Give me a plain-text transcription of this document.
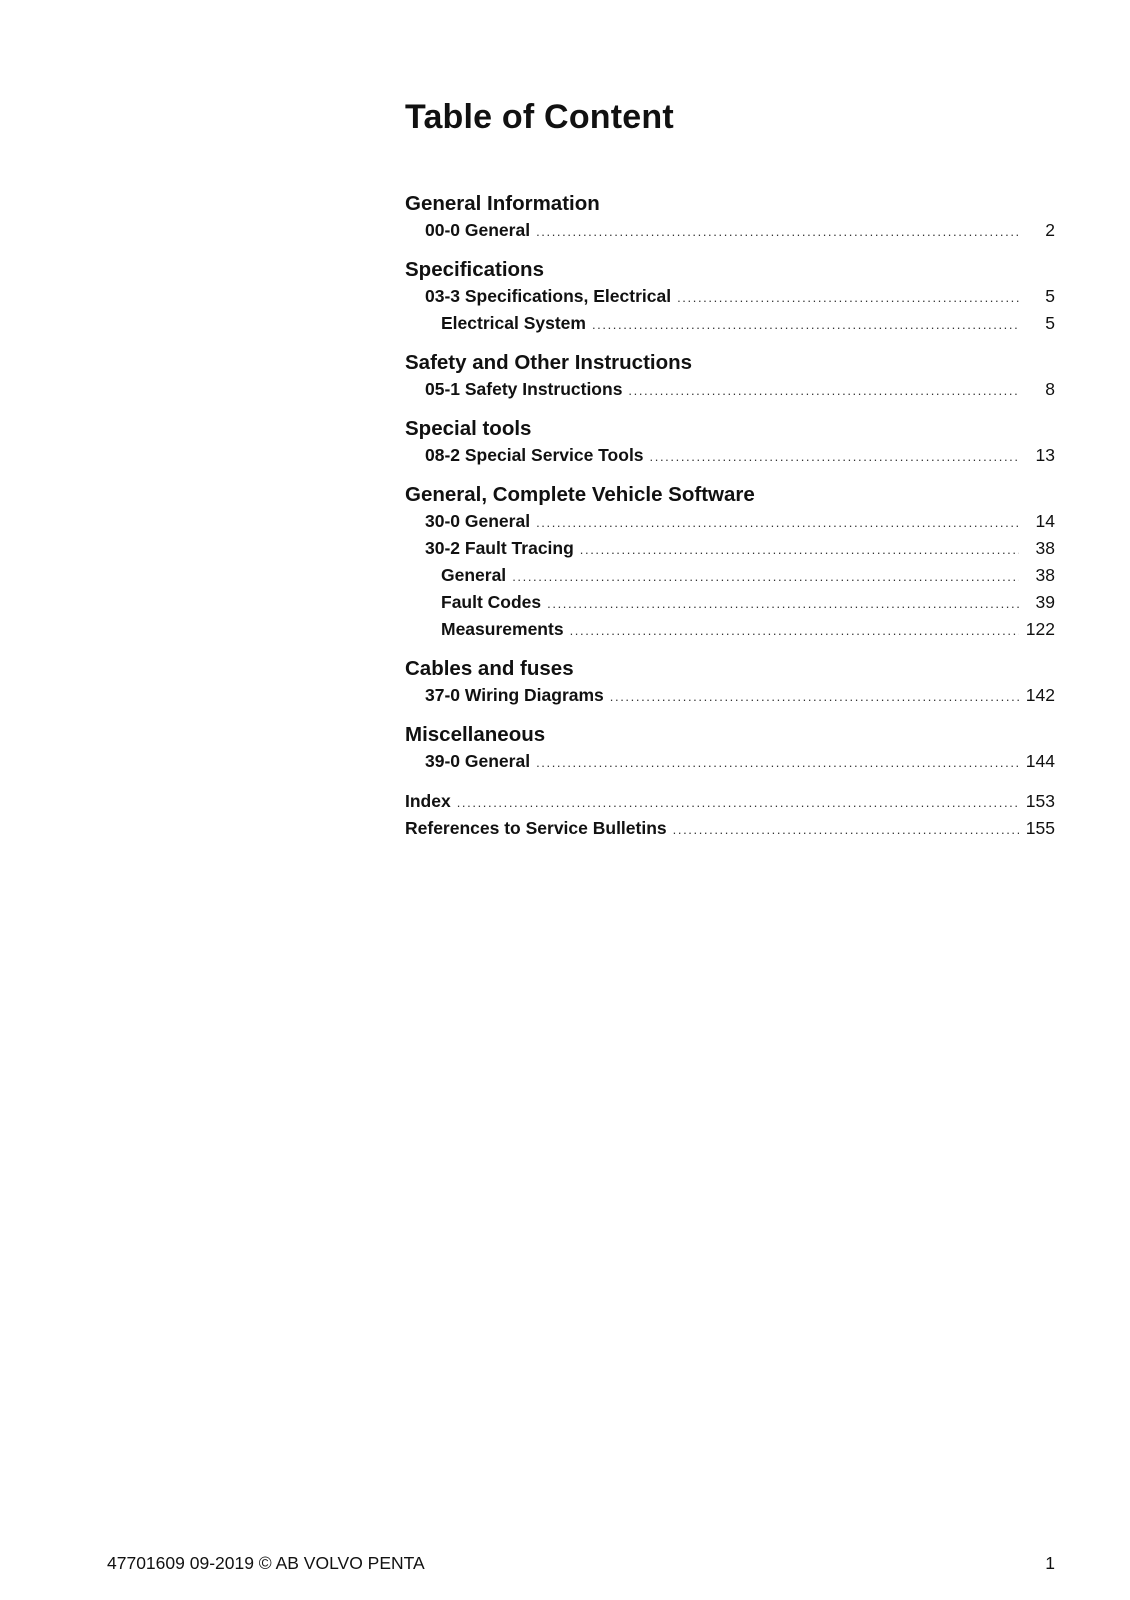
Table of Content
General Information
00-0 General .....	2
Specifications
03-3 Specifications, Electrical .....	5
Electrical System .....	5
Safety and Other Instructions
05-1 Safety Instructions .....	8
Special tools
08-2 Special Service Tools .....	13
General, Complete Vehicle Software
30-0 General .....	14
30-2 Fault Tracing .....	38
General .....	38
Fault Codes .....	39
Measurements .....	122
Cables and fuses
37-0 Wiring Diagrams .....	142
Miscellaneous
39-0 General .....	144
Index .....	153
References to Service Bulletins .....	155
47701609 09-2019 © AB VOLVO PENTA	1
